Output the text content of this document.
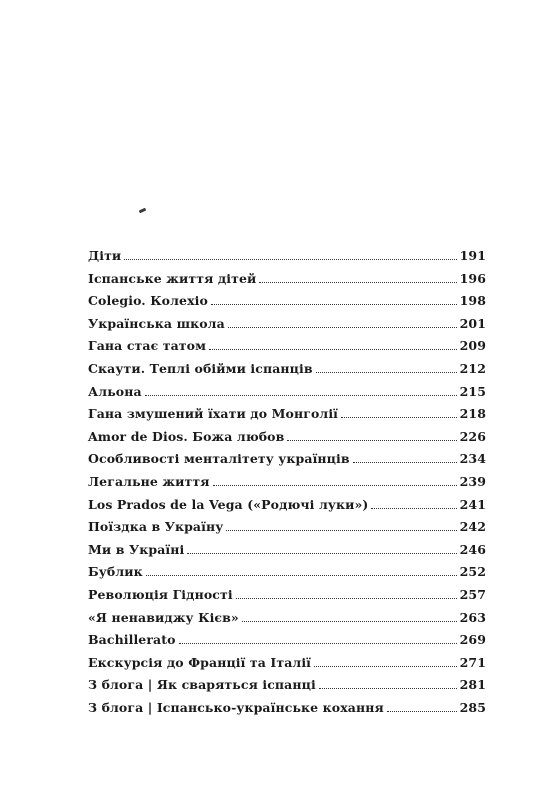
Діти	191
Іспанське життя дітей	196
Colegio. Колехіо	198
Українська школа	201
Гана стає татом	209
Скаути. Теплі обійми іспанців	212
Альона	215
Гана змушений їхати до Монголії	218
Amor de Dios. Божа любов	226
Особливості менталітету українців	234
Легальне життя	239
Los Prados de la Vega («Родючі луки»)	241
Поїздка в Україну	242
Ми в Україні	246
Бублик	252
Революція Гідності	257
«Я ненавиджу Кієв»	263
Bachillerato	269
Екскурсія до Франції та Італії	271
З блога | Як сваряться іспанці	281
З блога | Іспансько-українське кохання	285
